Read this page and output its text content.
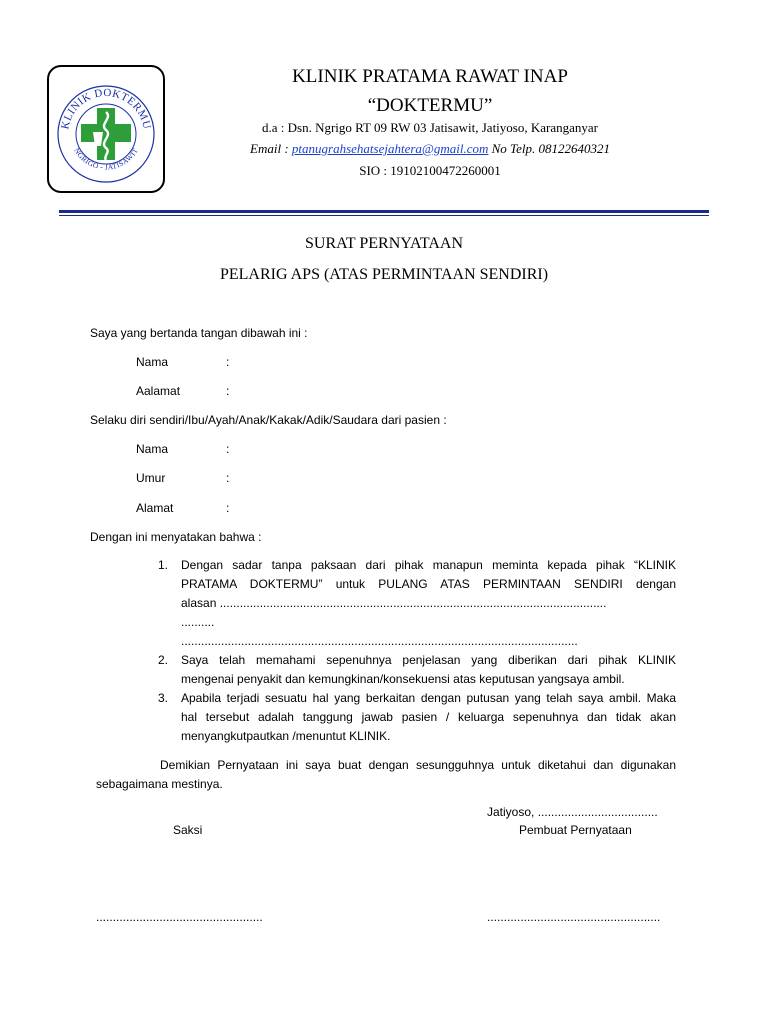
KLINIK DOKTERMU
NGRIGO - JATISAWIT
KLINIK PRATAMA RAWAT INAP
“DOKTERMU”
d.a : Dsn. Ngrigo RT 09 RW 03 Jatisawit, Jatiyoso, Karanganyar
Email : ptanugrahsehatsejahtera@gmail.com No Telp. 08122640321
SIO : 19102100472260001
SURAT PERNYATAAN
PELARIG APS (ATAS PERMINTAAN SENDIRI)
Saya yang bertanda tangan dibawah ini :
Nama	:
Aalamat	:
Selaku diri sendiri/Ibu/Ayah/Anak/Kakak/Adik/Saudara dari pasien :
Nama	:
Umur	:
Alamat	:
Dengan ini menyatakan bahwa :
1. Dengan sadar tanpa paksaan dari pihak manapun meminta kepada pihak “KLINIK
PRATAMA DOKTERMU” untuk PULANG ATAS PERMINTAAN SENDIRI dengan
alasan ....................................................................................................................
..........
.......................................................................................................................
2. Saya telah memahami sepenuhnya penjelasan yang diberikan dari pihak KLINIK
mengenai penyakit dan kemungkinan/konsekuensi atas keputusan yangsaya ambil.
3. Apabila terjadi sesuatu hal yang berkaitan dengan putusan yang telah saya ambil. Maka
hal tersebut adalah tanggung jawab pasien / keluarga sepenuhnya dan tidak akan
menyangkutpautkan /menuntut KLINIK.
Demikian Pernyataan ini saya buat dengan sesungguhnya untuk diketahui dan digunakan
sebagaimana mestinya.
Jatiyoso, ....................................
Saksi	Pembuat Pernyataan
..................................................	....................................................
